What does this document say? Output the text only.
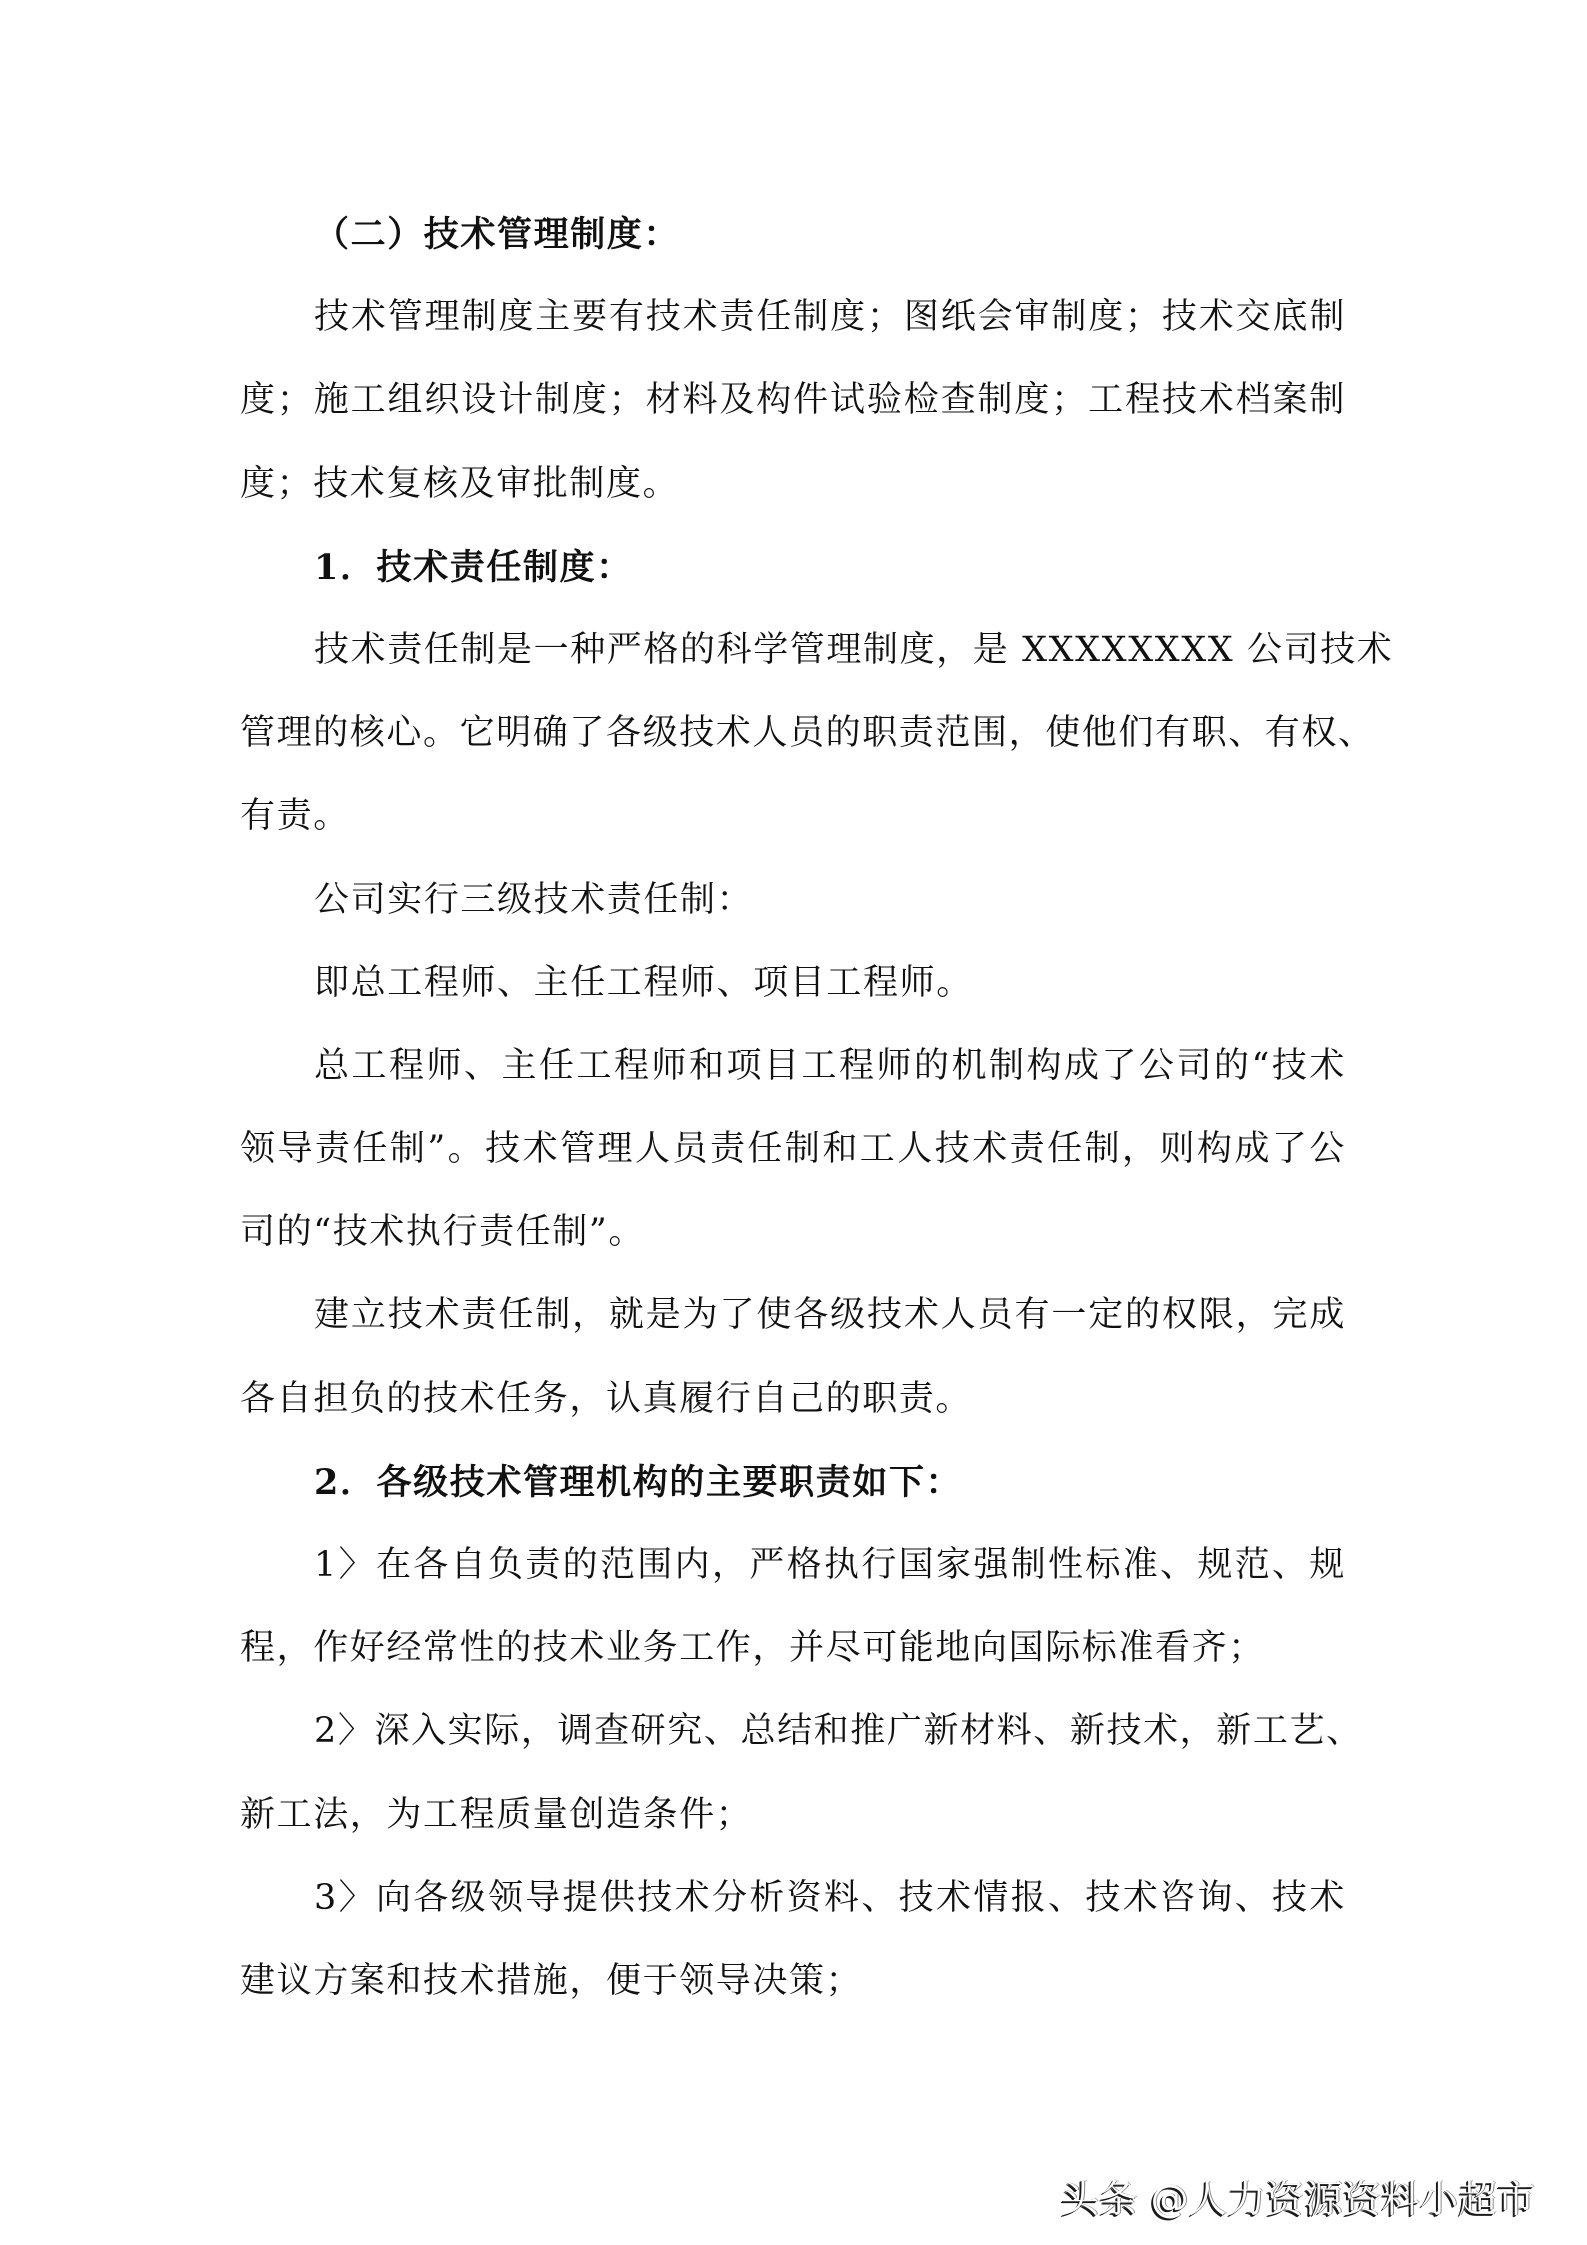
（二）技术管理制度：
技术管理制度主要有技术责任制度；图纸会审制度；技术交底制
度；施工组织设计制度；材料及构件试验检查制度；工程技术档案制
度；技术复核及审批制度。
1．技术责任制度：
技术责任制是一种严格的科学管理制度，是 XXXXXXXX 公司技术
管理的核心。它明确了各级技术人员的职责范围，使他们有职、有权、
有责。
公司实行三级技术责任制：
即总工程师、主任工程师、项目工程师。
总工程师、主任工程师和项目工程师的机制构成了公司的“技术
领导责任制”。技术管理人员责任制和工人技术责任制，则构成了公
司的“技术执行责任制”。
建立技术责任制，就是为了使各级技术人员有一定的权限，完成
各自担负的技术任务，认真履行自己的职责。
2．各级技术管理机构的主要职责如下：
1〉在各自负责的范围内，严格执行国家强制性标准、规范、规
程，作好经常性的技术业务工作，并尽可能地向国际标准看齐；
2〉深入实际，调查研究、总结和推广新材料、新技术，新工艺、
新工法，为工程质量创造条件；
3〉向各级领导提供技术分析资料、技术情报、技术咨询、技术
建议方案和技术措施，便于领导决策；
头条 @人力资源资料小超市
